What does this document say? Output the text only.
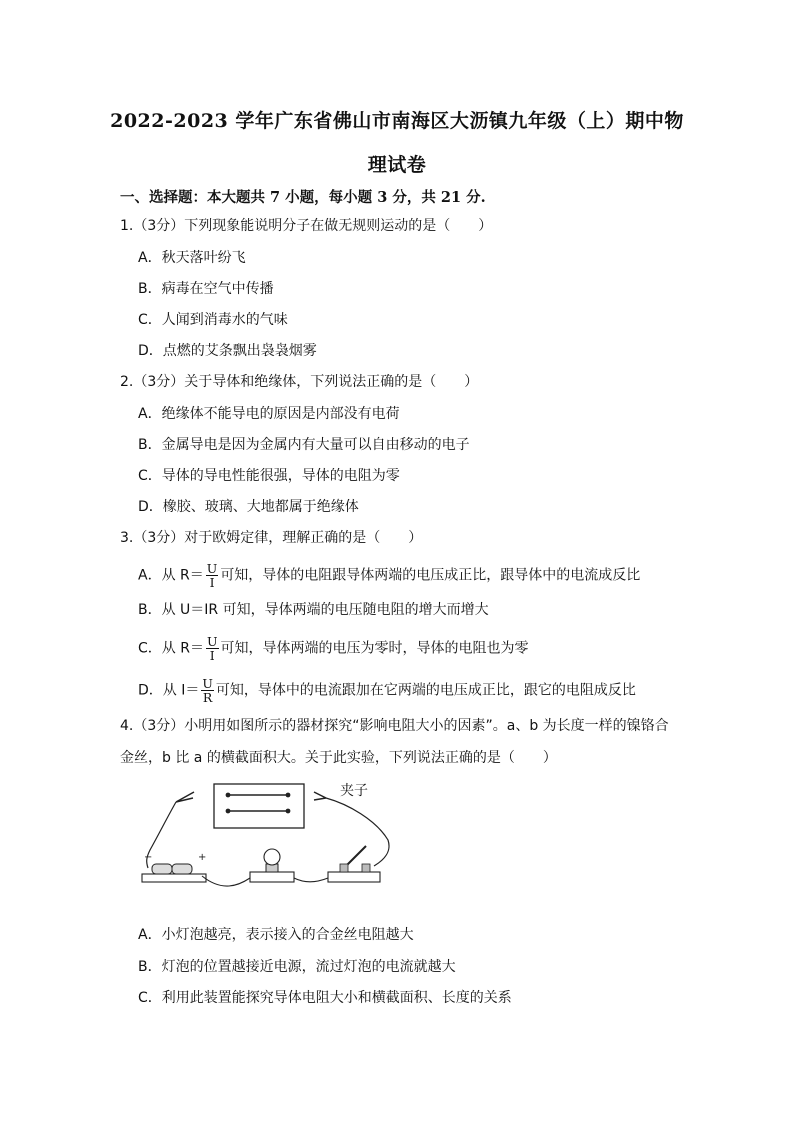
2022-2023 学年广东省佛山市南海区大沥镇九年级（上）期中物
理试卷
一、选择题：本大题共 7 小题，每小题 3 分，共 21 分.
1.（3分）下列现象能说明分子在做无规则运动的是（　　）
A．秋天落叶纷飞
B．病毒在空气中传播
C．人闻到消毒水的气味
D．点燃的艾条飘出袅袅烟雾
2.（3分）关于导体和绝缘体，下列说法正确的是（　　）
A．绝缘体不能导电的原因是内部没有电荷
B．金属导电是因为金属内有大量可以自由移动的电子
C．导体的导电性能很强，导体的电阻为零
D．橡胶、玻璃、大地都属于绝缘体
3.（3分）对于欧姆定律，理解正确的是（　　）
A．从 $R= \frac{U}{I}$ 可知，导体的电阻跟导体两端的电压成正比，跟导体中的电流成反比
B．从 U＝IR 可知，导体两端的电压随电阻的增大而增大
C．从 $R= \frac{U}{I}$ 可知，导体两端的电压为零时，导体的电阻也为零
D．从 $I= \frac{U}{R}$ 可知，导体中的电流跟加在它两端的电压成正比，跟它的电阻成反比
4.（3分）小明用如图所示的器材探究“影响电阻大小的因素”。a、b 为长度一样的镍铬合
金丝，b 比 a 的横截面积大。关于此实验，下列说法正确的是（　　）
−	+
夹子
A．小灯泡越亮，表示接入的合金丝电阻越大
B．灯泡的位置越接近电源，流过灯泡的电流就越大
C．利用此装置能探究导体电阻大小和横截面积、长度的关系
